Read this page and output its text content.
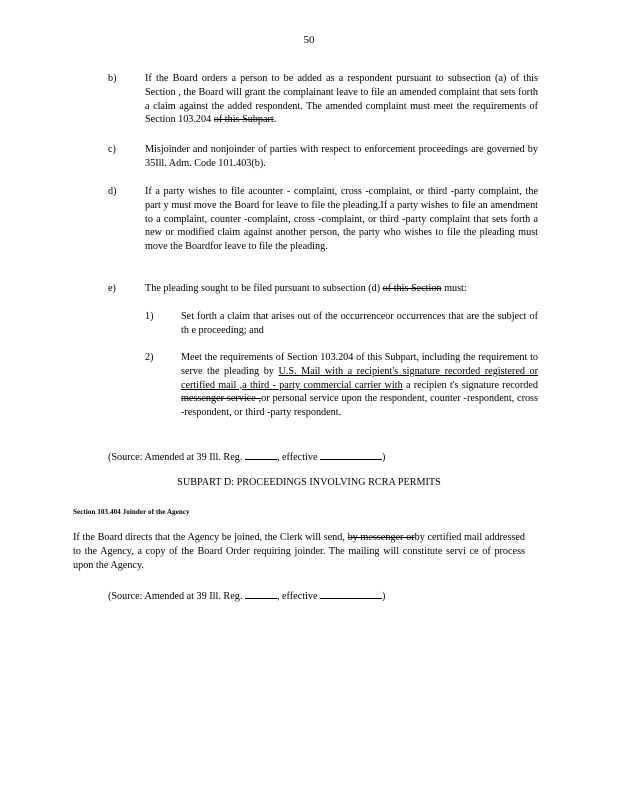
50
b)	If the Board orders a person to be added as a respondent pursuant to subsection (a) of this Section , the Board will grant the complainant leave to file an amended complaint that sets forth a claim against the added respondent. The amended complaint must meet the requirements of Section 103.204 of this Subpart.
c)	Misjoinder and nonjoinder of parties with respect to enforcement proceedings are governed by 35Ill. Adm. Code 101.403(b).
d)	If a party wishes to file acounter - complaint, cross -complaint, or third -party complaint, the part y must move the Board for leave to file the pleading.If a party wishes to file an amendment to a complaint, counter -complaint, cross -complaint, or third -party complaint that sets forth a new or modified claim against another person, the party who wishes to file the pleading must move the Boardfor leave to file the pleading.
e)	The pleading sought to be filed pursuant to subsection (d) of this Section must:
1)	Set forth a claim that arises out of the occurrenceor occurrences that are the subject of th e proceeding; and
2)	Meet the requirements of Section 103.204 of this Subpart, including the requirement to serve the pleading by U.S. Mail with a recipient's signature recorded registered or certified mail ,a third - party commercial carrier with a recipien t's signature recorded messenger service ,or personal service upon the respondent, counter -respondent, cross -respondent, or third -party respondent.
(Source: Amended at 39 Ill. Reg.	, effective	)
SUBPART D: PROCEEDINGS INVOLVING RCRA PERMITS
Section 103.404 Joinder of the Agency
If the Board directs that the Agency be joined, the Clerk will send, by messenger orby certified mail addressed to the Agency, a copy of the Board Order requiring joinder. The mailing will constitute servi ce of process upon the Agency.
(Source: Amended at 39 Ill. Reg.	, effective	)
